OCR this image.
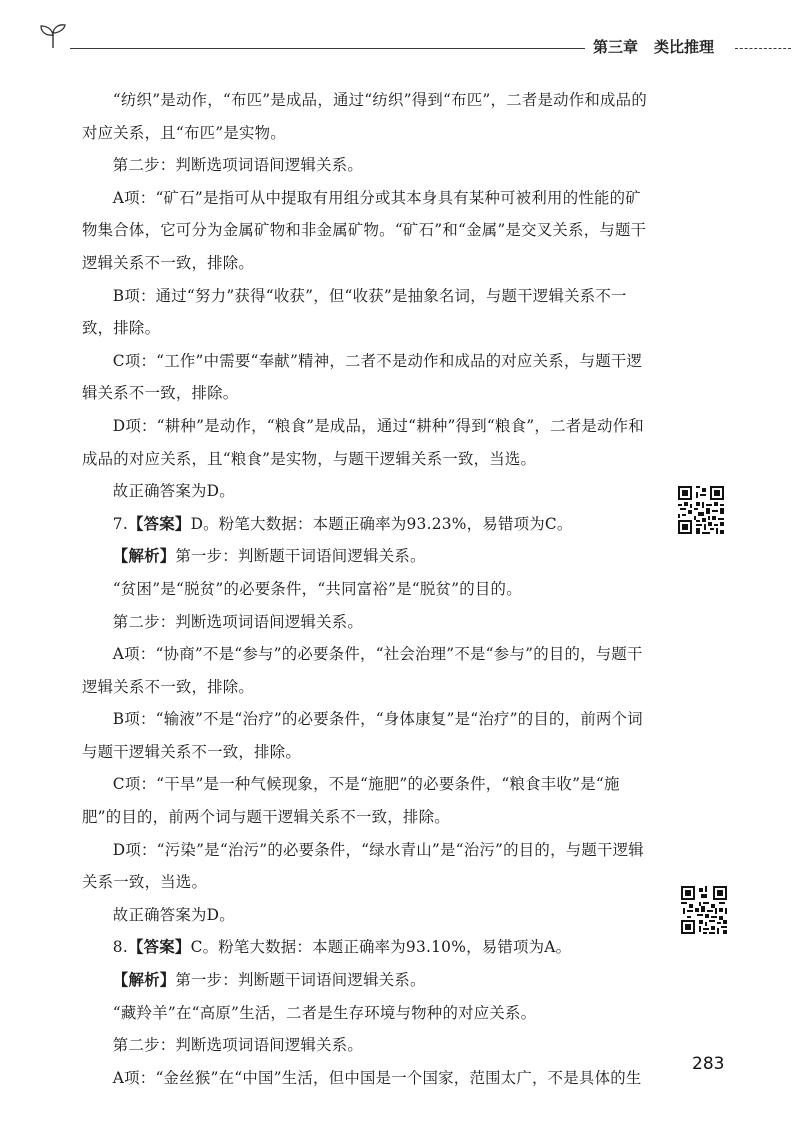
第三章 类比推理

“纺织”是动作，“布匹”是成品，通过“纺织”得到“布匹”，二者是动作和成品的对应关系，且“布匹”是实物。

第二步：判断选项词语间逻辑关系。

A项：“矿石”是指可从中提取有用组分或其本身具有某种可被利用的性能的矿物集合体，它可分为金属矿物和非金属矿物。“矿石”和“金属”是交叉关系，与题干逻辑关系不一致，排除。

B项：通过“努力”获得“收获”，但“收获”是抽象名词，与题干逻辑关系不一致，排除。

C项：“工作”中需要“奉献”精神，二者不是动作和成品的对应关系，与题干逻辑关系不一致，排除。

D项：“耕种”是动作，“粮食”是成品，通过“耕种”得到“粮食”，二者是动作和成品的对应关系，且“粮食”是实物，与题干逻辑关系一致，当选。

故正确答案为D。

7.【答案】D。粉笔大数据：本题正确率为93.23%，易错项为C。

【解析】第一步：判断题干词语间逻辑关系。

“贫困”是“脱贫”的必要条件，“共同富裕”是“脱贫”的目的。

第二步：判断选项词语间逻辑关系。

A项：“协商”不是“参与”的必要条件，“社会治理”不是“参与”的目的，与题干逻辑关系不一致，排除。

B项：“输液”不是“治疗”的必要条件，“身体康复”是“治疗”的目的，前两个词与题干逻辑关系不一致，排除。

C项：“干旱”是一种气候现象，不是“施肥”的必要条件，“粮食丰收”是“施肥”的目的，前两个词与题干逻辑关系不一致，排除。

D项：“污染”是“治污”的必要条件，“绿水青山”是“治污”的目的，与题干逻辑关系一致，当选。

故正确答案为D。

8.【答案】C。粉笔大数据：本题正确率为93.10%，易错项为A。

【解析】第一步：判断题干词语间逻辑关系。

“藏羚羊”在“高原”生活，二者是生存环境与物种的对应关系。

第二步：判断选项词语间逻辑关系。

A项：“金丝猴”在“中国”生活，但中国是一个国家，范围太广，不是具体的生

283
